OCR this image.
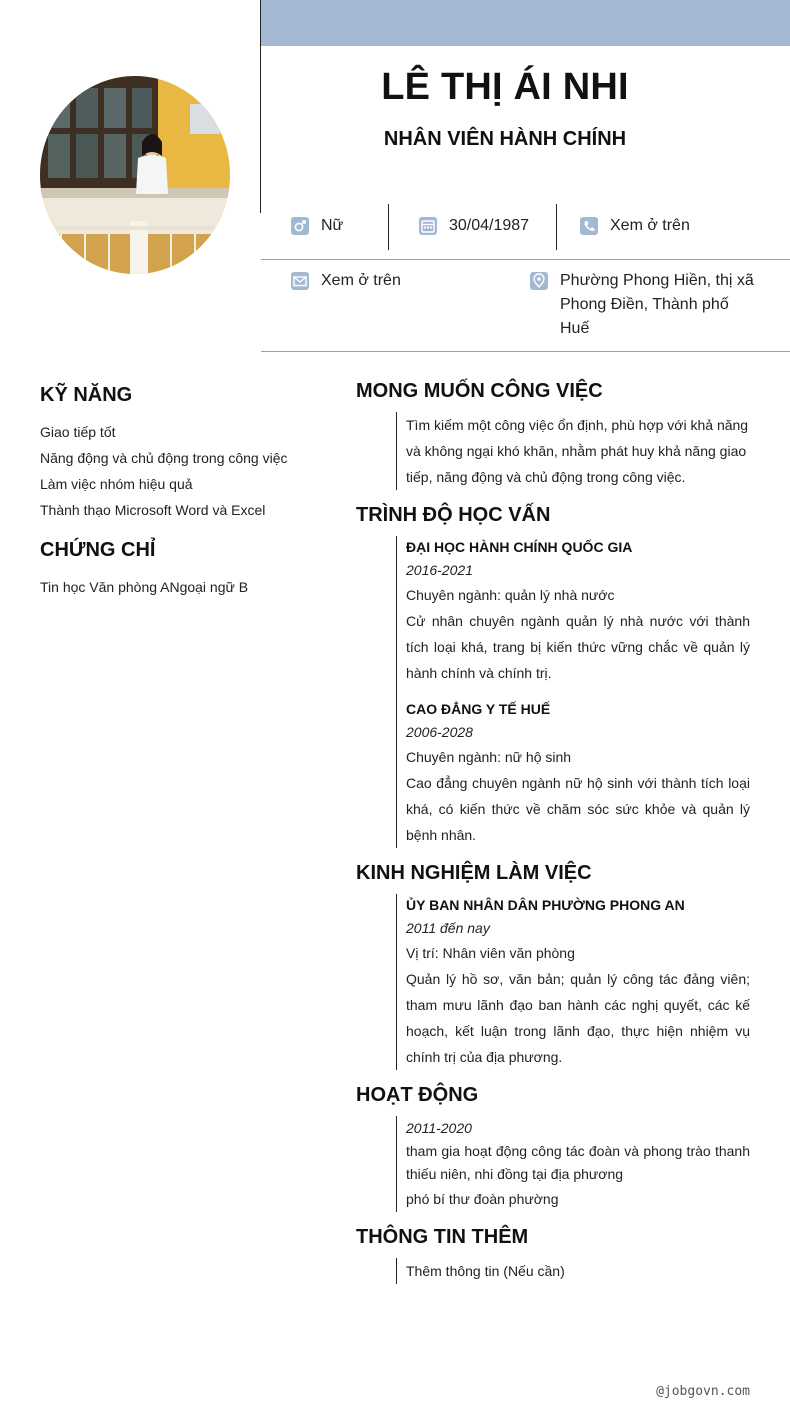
LÊ THỊ ÁI NHI
NHÂN VIÊN HÀNH CHÍNH
Nữ	30/04/1987	Xem ở trên
Xem ở trên	Phường Phong Hiền, thị xã Phong Điền, Thành phố Huế
KỸ NĂNG
Giao tiếp tốt
Năng động và chủ động trong công việc
Làm việc nhóm hiệu quả
Thành thạo Microsoft Word và Excel
CHỨNG CHỈ
Tin học Văn phòng ANgoại ngữ B
MONG MUỐN CÔNG VIỆC
Tìm kiếm một công việc ổn định, phù hợp với khả năng và không ngại khó khăn, nhằm phát huy khả năng giao tiếp, năng động và chủ động trong công việc.
TRÌNH ĐỘ HỌC VẤN
ĐẠI HỌC HÀNH CHÍNH QUỐC GIA
2016-2021
Chuyên ngành: quản lý nhà nước
Cử nhân chuyên ngành quản lý nhà nước với thành tích loại khá, trang bị kiến thức vững chắc về quản lý hành chính và chính trị.
CAO ĐẲNG Y TẾ HUẾ
2006-2028
Chuyên ngành: nữ hộ sinh
Cao đẳng chuyên ngành nữ hộ sinh với thành tích loại khá, có kiến thức về chăm sóc sức khỏe và quản lý bệnh nhân.
KINH NGHIỆM LÀM VIỆC
ỦY BAN NHÂN DÂN PHƯỜNG PHONG AN
2011 đến nay
Vị trí: Nhân viên văn phòng
Quản lý hồ sơ, văn bản; quản lý công tác đảng viên; tham mưu lãnh đạo ban hành các nghị quyết, các kế hoạch, kết luận trong lãnh đạo, thực hiện nhiệm vụ chính trị của địa phương.
HOẠT ĐỘNG
2011-2020
tham gia hoạt động công tác đoàn và phong trào thanh thiếu niên, nhi đồng tại địa phương
phó bí thư đoàn phường
THÔNG TIN THÊM
Thêm thông tin (Nếu cần)
@jobgovn.com
